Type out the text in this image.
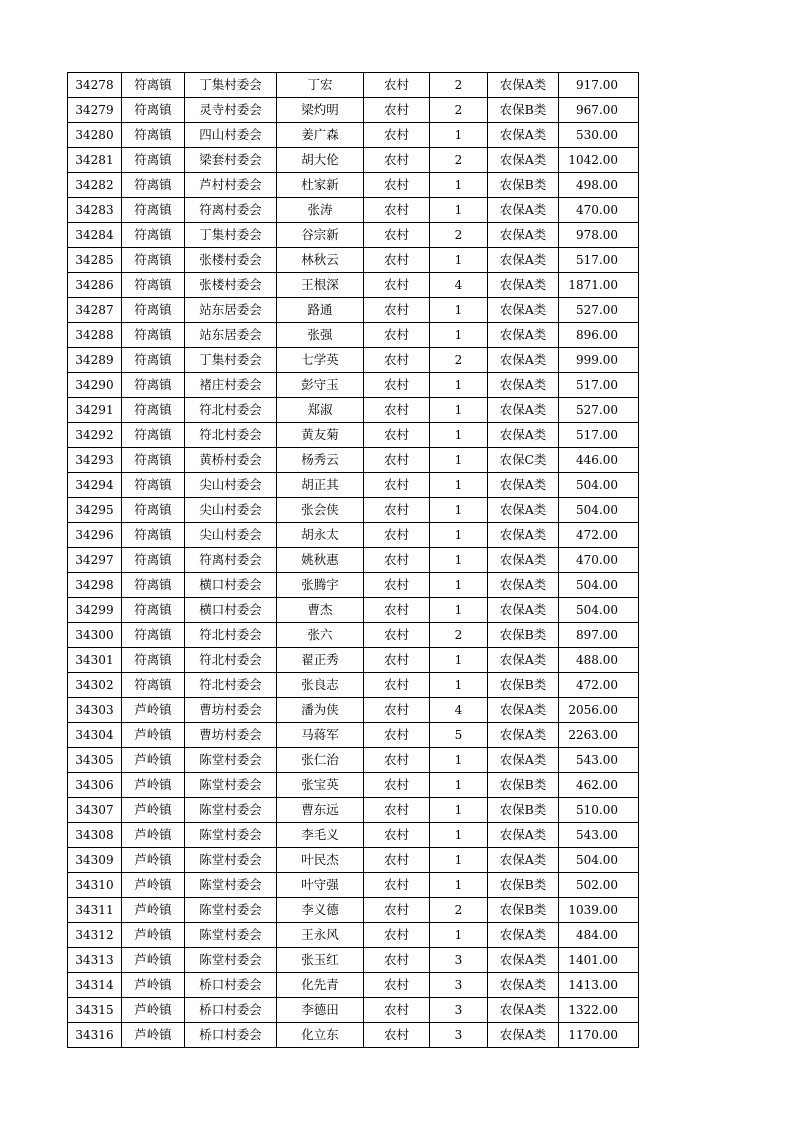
34278	符离镇	丁集村委会	丁宏	农村	2	农保A类	917.00
34279	符离镇	灵寺村委会	梁灼明	农村	2	农保B类	967.00
34280	符离镇	四山村委会	姜广森	农村	1	农保A类	530.00
34281	符离镇	梁套村委会	胡大伦	农村	2	农保A类	1042.00
34282	符离镇	芦村村委会	杜家新	农村	1	农保B类	498.00
34283	符离镇	符离村委会	张涛	农村	1	农保A类	470.00
34284	符离镇	丁集村委会	谷宗新	农村	2	农保A类	978.00
34285	符离镇	张楼村委会	林秋云	农村	1	农保A类	517.00
34286	符离镇	张楼村委会	王根深	农村	4	农保A类	1871.00
34287	符离镇	站东居委会	路通	农村	1	农保A类	527.00
34288	符离镇	站东居委会	张强	农村	1	农保A类	896.00
34289	符离镇	丁集村委会	七学英	农村	2	农保A类	999.00
34290	符离镇	褚庄村委会	彭守玉	农村	1	农保A类	517.00
34291	符离镇	符北村委会	郑淑	农村	1	农保A类	527.00
34292	符离镇	符北村委会	黄友菊	农村	1	农保A类	517.00
34293	符离镇	黄桥村委会	杨秀云	农村	1	农保C类	446.00
34294	符离镇	尖山村委会	胡正其	农村	1	农保A类	504.00
34295	符离镇	尖山村委会	张会侠	农村	1	农保A类	504.00
34296	符离镇	尖山村委会	胡永太	农村	1	农保A类	472.00
34297	符离镇	符离村委会	姚秋惠	农村	1	农保A类	470.00
34298	符离镇	横口村委会	张腾宇	农村	1	农保A类	504.00
34299	符离镇	横口村委会	曹杰	农村	1	农保A类	504.00
34300	符离镇	符北村委会	张六	农村	2	农保B类	897.00
34301	符离镇	符北村委会	翟正秀	农村	1	农保A类	488.00
34302	符离镇	符北村委会	张良志	农村	1	农保B类	472.00
34303	芦岭镇	曹坊村委会	潘为侠	农村	4	农保A类	2056.00
34304	芦岭镇	曹坊村委会	马蒋军	农村	5	农保A类	2263.00
34305	芦岭镇	陈堂村委会	张仁治	农村	1	农保A类	543.00
34306	芦岭镇	陈堂村委会	张宝英	农村	1	农保B类	462.00
34307	芦岭镇	陈堂村委会	曹东远	农村	1	农保B类	510.00
34308	芦岭镇	陈堂村委会	李毛义	农村	1	农保A类	543.00
34309	芦岭镇	陈堂村委会	叶民杰	农村	1	农保A类	504.00
34310	芦岭镇	陈堂村委会	叶守强	农村	1	农保B类	502.00
34311	芦岭镇	陈堂村委会	李义德	农村	2	农保B类	1039.00
34312	芦岭镇	陈堂村委会	王永风	农村	1	农保A类	484.00
34313	芦岭镇	陈堂村委会	张玉红	农村	3	农保A类	1401.00
34314	芦岭镇	桥口村委会	化先青	农村	3	农保A类	1413.00
34315	芦岭镇	桥口村委会	李德田	农村	3	农保A类	1322.00
34316	芦岭镇	桥口村委会	化立东	农村	3	农保A类	1170.00
